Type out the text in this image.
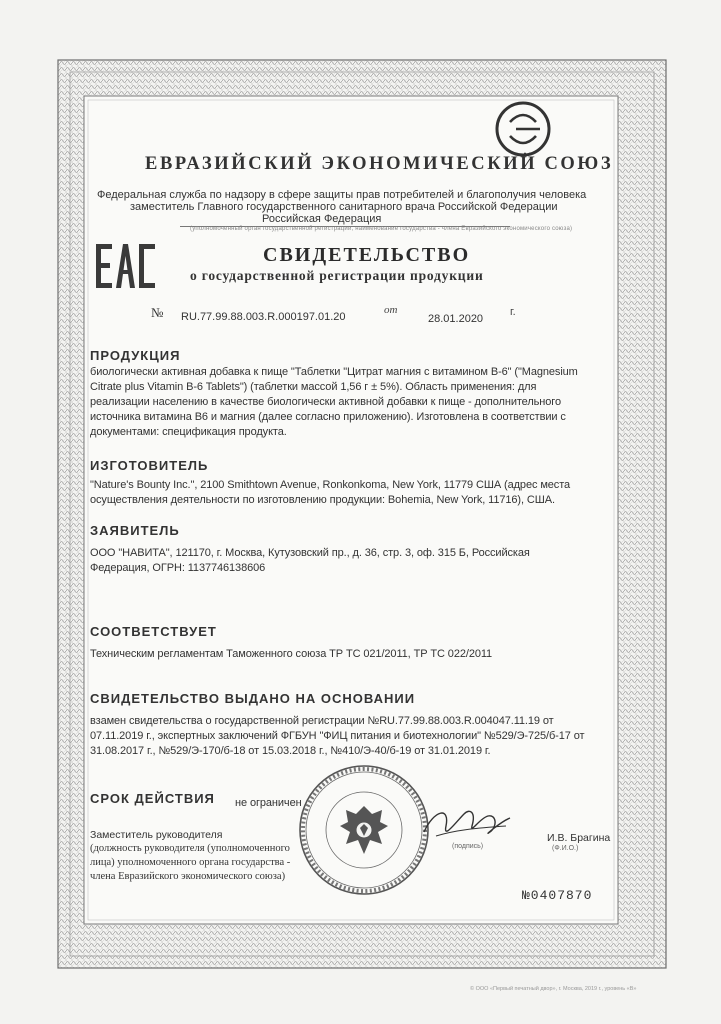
ЕВРАЗИЙСКИЙ ЭКОНОМИЧЕСКИЙ СОЮЗ
Федеральная служба по надзору в сфере защиты прав потребителей и благополучия человека
заместитель Главного государственного санитарного врача Российской Федерации
Российская Федерация
(уполномоченный орган государственной регистрации, наименование государства - члена Евразийского экономического союза)
СВИДЕТЕЛЬСТВО
о государственной регистрации продукции
№ RU.77.99.88.003.R.000197.01.20
от
28.01.2020
г.
ПРОДУКЦИЯ
биологически активная добавка к пище "Таблетки "Цитрат магния с витамином В-6" ("Magnesium
Citrate plus Vitamin B-6 Tablets") (таблетки массой 1,56 г ± 5%). Область применения: для
реализации населению в качестве биологически активной добавки к пище - дополнительного
источника витамина В6 и магния (далее согласно приложению). Изготовлена в соответствии с
документами: спецификация продукта.
ИЗГОТОВИТЕЛЬ
"Nature's Bounty Inc.", 2100 Smithtown Avenue, Ronkonkoma, New York, 11779 США (адрес места
осуществления деятельности по изготовлению продукции: Bohemia, New York, 11716), США.
ЗАЯВИТЕЛЬ
ООО "НАВИТА", 121170, г. Москва, Кутузовский пр., д. 36, стр. 3, оф. 315 Б, Российская
Федерация, ОГРН: 1137746138606
СООТВЕТСТВУЕТ
Техническим регламентам Таможенного союза ТР ТС 021/2011, ТР ТС 022/2011
СВИДЕТЕЛЬСТВО ВЫДАНО НА ОСНОВАНИИ
взамен свидетельства о государственной регистрации №RU.77.99.88.003.R.004047.11.19 от
07.11.2019 г., экспертных заключений ФГБУН "ФИЦ питания и биотехнологии" №529/Э-725/б-17 от
31.08.2017 г., №529/Э-170/б-18 от 15.03.2018 г., №410/Э-40/б-19 от 31.01.2019 г.
СРОК ДЕЙСТВИЯ не ограничен
Заместитель руководителя	И.В. Брагина
(подпись)	(Ф.И.О.)
(должность руководителя (уполномоченного
лица) уполномоченного органа государства -
члена Евразийского экономического союза)
№0407870
© ООО «Первый печатный двор», г. Москва, 2019 г., уровень «В»
